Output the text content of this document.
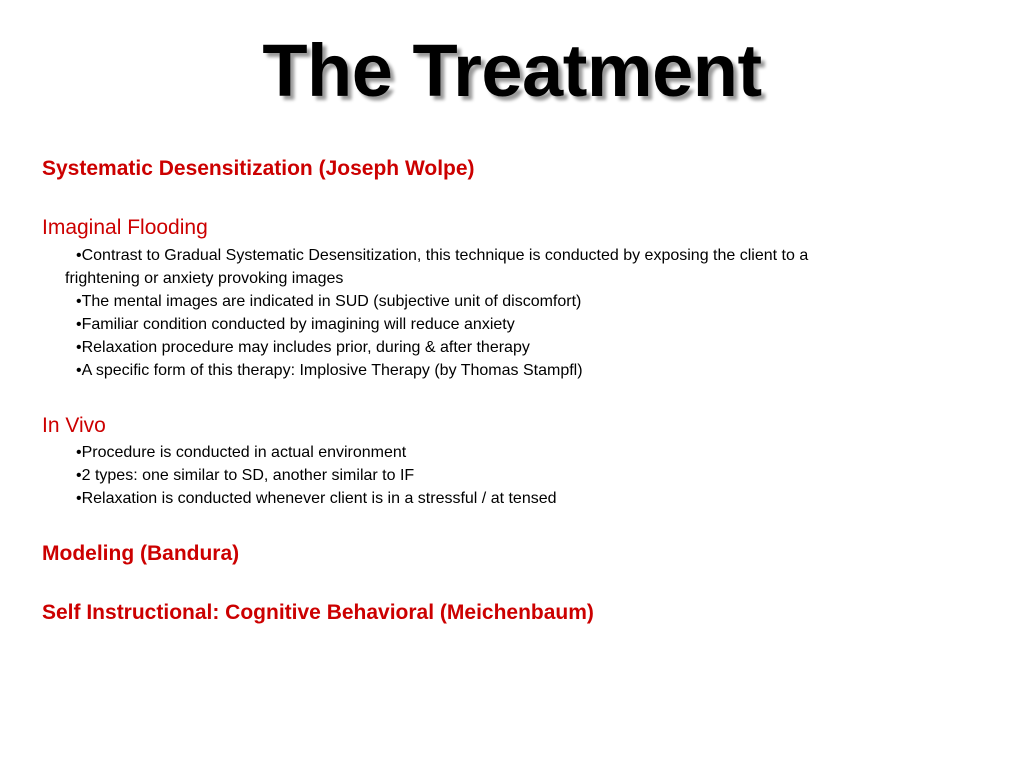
The Treatment
Systematic Desensitization (Joseph Wolpe)
Imaginal Flooding
•Contrast to Gradual Systematic Desensitization, this technique is conducted by exposing the client to a
frightening or anxiety provoking images
•The mental images are indicated in SUD (subjective unit of discomfort)
•Familiar condition conducted by imagining will reduce anxiety
•Relaxation procedure may includes prior, during & after therapy
•A specific form of this therapy: Implosive Therapy (by Thomas Stampfl)
In Vivo
•Procedure is conducted in actual environment
•2 types: one similar to SD, another similar to IF
•Relaxation is conducted whenever client is in a stressful / at tensed
Modeling (Bandura)
Self Instructional: Cognitive Behavioral (Meichenbaum)
